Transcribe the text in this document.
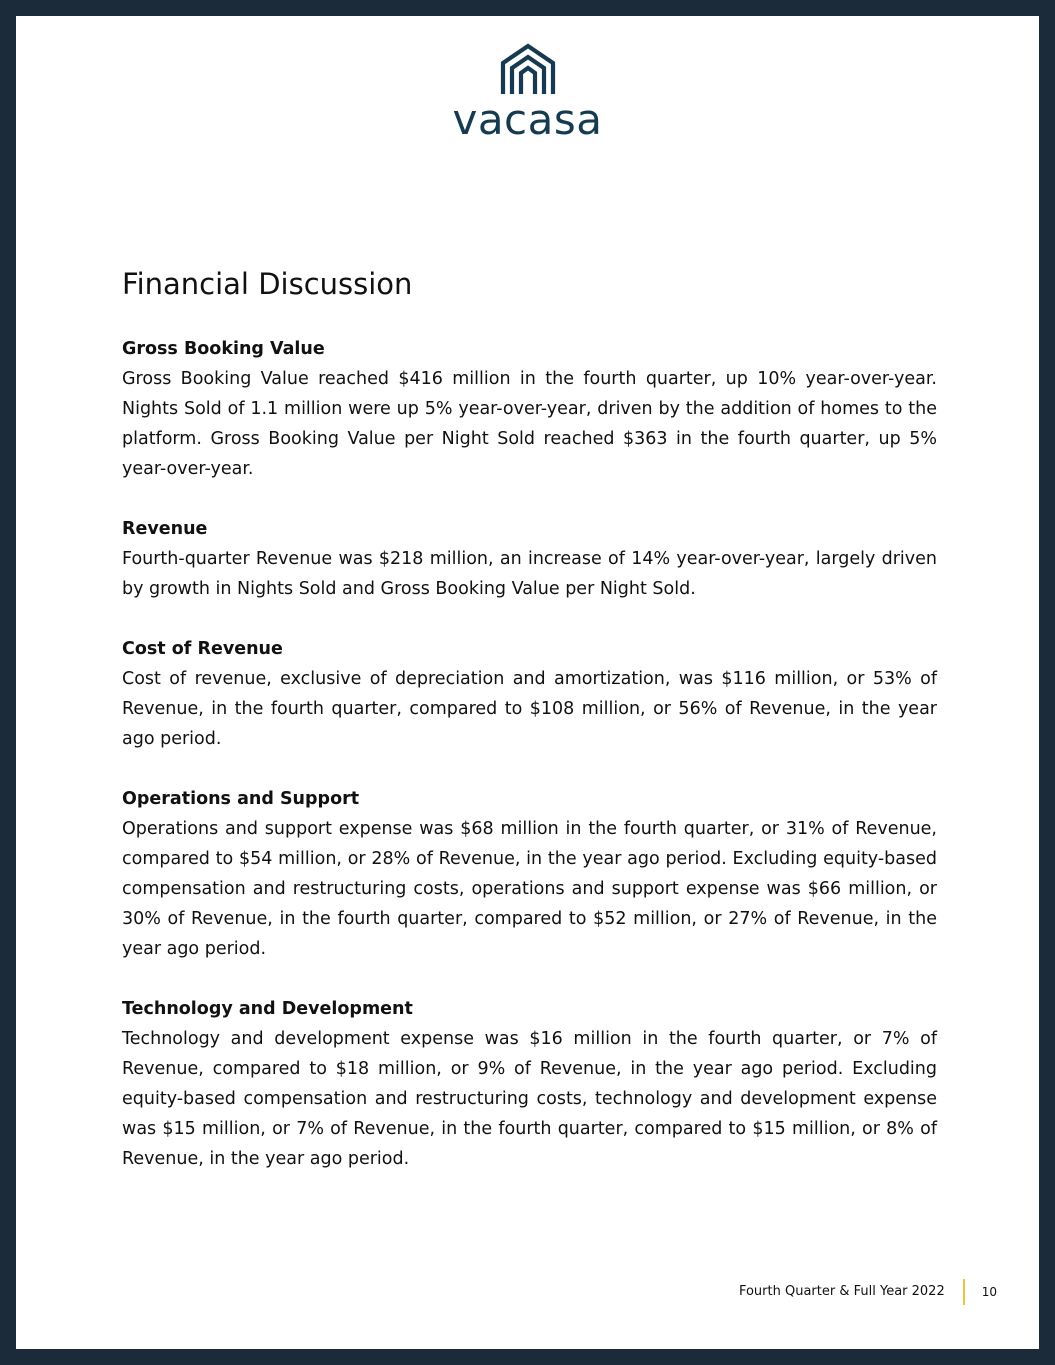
vacasa
Financial Discussion
Gross Booking Value

Gross Booking Value reached $416 million in the fourth quarter, up 10% year-over-year. Nights Sold of 1.1 million were up 5% year-over-year, driven by the addition of homes to the platform. Gross Booking Value per Night Sold reached $363 in the fourth quarter, up 5% year-over-year.

Revenue

Fourth-quarter Revenue was $218 million, an increase of 14% year-over-year, largely driven by growth in Nights Sold and Gross Booking Value per Night Sold.

Cost of Revenue

Cost of revenue, exclusive of depreciation and amortization, was $116 million, or 53% of Revenue, in the fourth quarter, compared to $108 million, or 56% of Revenue, in the year ago period.

Operations and Support

Operations and support expense was $68 million in the fourth quarter, or 31% of Revenue, compared to $54 million, or 28% of Revenue, in the year ago period. Excluding equity-based compensation and restructuring costs, operations and support expense was $66 million, or 30% of Revenue, in the fourth quarter, compared to $52 million, or 27% of Revenue, in the year ago period.

Technology and Development

Technology and development expense was $16 million in the fourth quarter, or 7% of Revenue, compared to $18 million, or 9% of Revenue, in the year ago period. Excluding equity-based compensation and restructuring costs, technology and development expense was $15 million, or 7% of Revenue, in the fourth quarter, compared to $15 million, or 8% of Revenue, in the year ago period.

Fourth Quarter & Full Year 2022	10
